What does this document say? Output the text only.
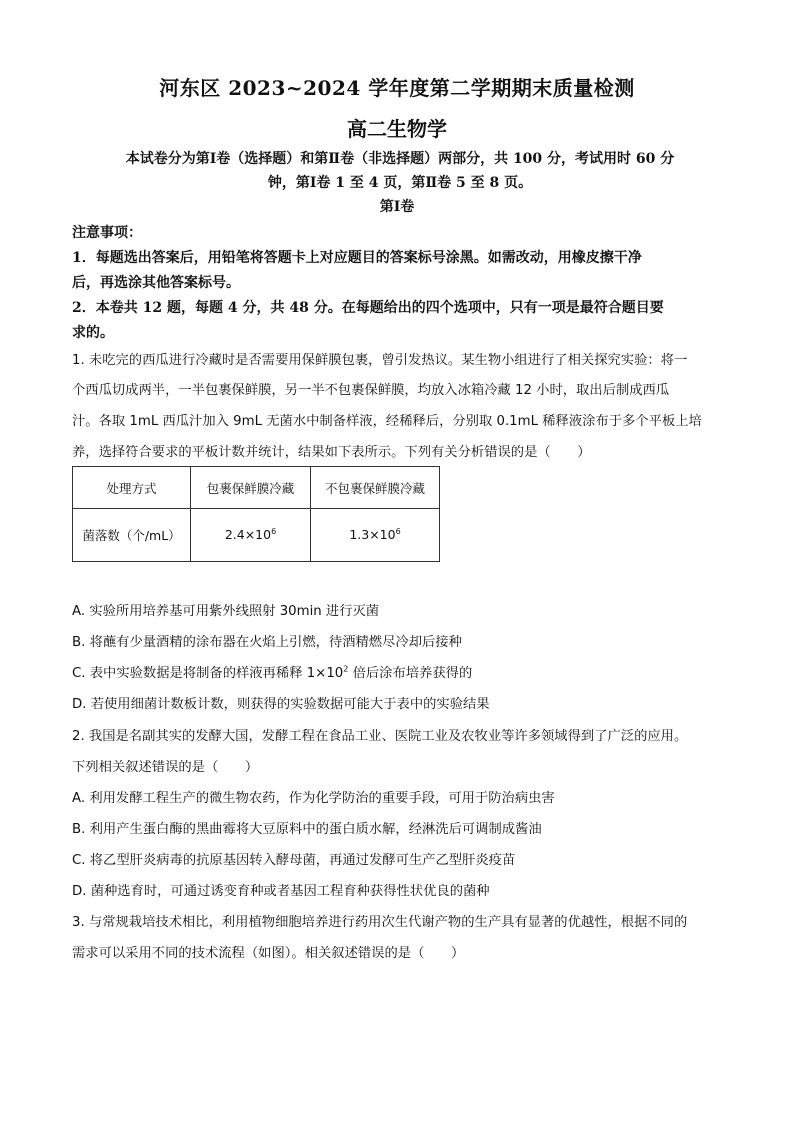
河东区 2023~2024 学年度第二学期期末质量检测
高二生物学
本试卷分为第Ⅰ卷（选择题）和第Ⅱ卷（非选择题）两部分，共 100 分，考试用时 60 分
钟，第Ⅰ卷 1 至 4 页，第Ⅱ卷 5 至 8 页。
第Ⅰ卷
注意事项：
1．每题选出答案后，用铅笔将答题卡上对应题目的答案标号涂黑。如需改动，用橡皮擦干净
后，再选涂其他答案标号。
2．本卷共 12 题，每题 4 分，共 48 分。在每题给出的四个选项中，只有一项是最符合题目要
求的。
1. 未吃完的西瓜进行冷藏时是否需要用保鲜膜包裹，曾引发热议。某生物小组进行了相关探究实验：将一
个西瓜切成两半，一半包裹保鲜膜，另一半不包裹保鲜膜，均放入冰箱冷藏 12 小时，取出后制成西瓜
汁。各取 1mL 西瓜汁加入 9mL 无菌水中制备样液，经稀释后，分别取 0.1mL 稀释液涂布于多个平板上培
养，选择符合要求的平板计数并统计，结果如下表所示。下列有关分析错误的是（　　）
处理方式	包裹保鲜膜冷藏	不包裹保鲜膜冷藏
菌落数（个/mL）	$2.4\times 10^6$	$1.3\times 10^6$
A. 实验所用培养基可用紫外线照射 30min 进行灭菌
B. 将蘸有少量酒精的涂布器在火焰上引燃，待酒精燃尽冷却后接种
C. 表中实验数据是将制备的样液再稀释 $1\times 10^2$ 倍后涂布培养获得的
D. 若使用细菌计数板计数，则获得的实验数据可能大于表中的实验结果
2. 我国是名副其实的发酵大国，发酵工程在食品工业、医院工业及农牧业等许多领域得到了广泛的应用。
下列相关叙述错误的是（　　）
A. 利用发酵工程生产的微生物农药，作为化学防治的重要手段，可用于防治病虫害
B. 利用产生蛋白酶的黑曲霉将大豆原料中的蛋白质水解，经淋洗后可调制成酱油
C. 将乙型肝炎病毒的抗原基因转入酵母菌，再通过发酵可生产乙型肝炎疫苗
D. 菌种选育时，可通过诱变育种或者基因工程育种获得性状优良的菌种
3. 与常规栽培技术相比，利用植物细胞培养进行药用次生代谢产物的生产具有显著的优越性，根据不同的
需求可以采用不同的技术流程（如图）。相关叙述错误的是（　　）
